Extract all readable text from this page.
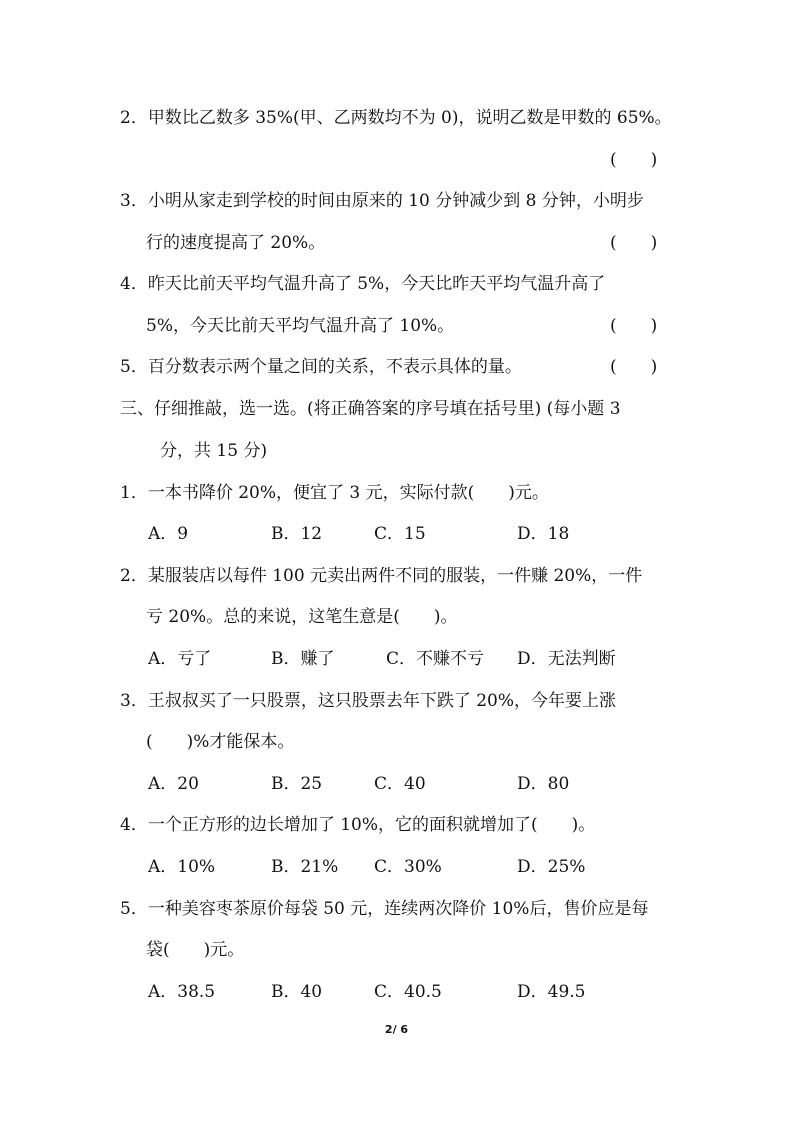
2．甲数比乙数多 35%(甲、乙两数均不为 0)，说明乙数是甲数的 65%。
(　　)
3．小明从家走到学校的时间由原来的 10 分钟减少到 8 分钟，小明步
行的速度提高了 20%。	(　　)
4．昨天比前天平均气温升高了 5%，今天比昨天平均气温升高了
5%，今天比前天平均气温升高了 10%。	(　　)
5．百分数表示两个量之间的关系，不表示具体的量。	(　　)
三、仔细推敲，选一选。(将正确答案的序号填在括号里) (每小题 3
分，共 15 分)
1．一本书降价 20%，便宜了 3 元，实际付款(　　)元。
A．9	B．12	C．15	D．18
2．某服装店以每件 100 元卖出两件不同的服装，一件赚 20%，一件
亏 20%。总的来说，这笔生意是(　　)。
A．亏了	B．赚了	C．不赚不亏 D．无法判断
3．王叔叔买了一只股票，这只股票去年下跌了 20%，今年要上涨
(　　)%才能保本。
A．20	B．25	C．40	D．80
4．一个正方形的边长增加了 10%，它的面积就增加了(　　)。
A．10%	B．21% C．30%	D．25%
5．一种美容枣茶原价每袋 50 元，连续两次降价 10%后，售价应是每
袋(　　)元。
A．38.5	B．40	C．40.5	D．49.5
2/ 6
